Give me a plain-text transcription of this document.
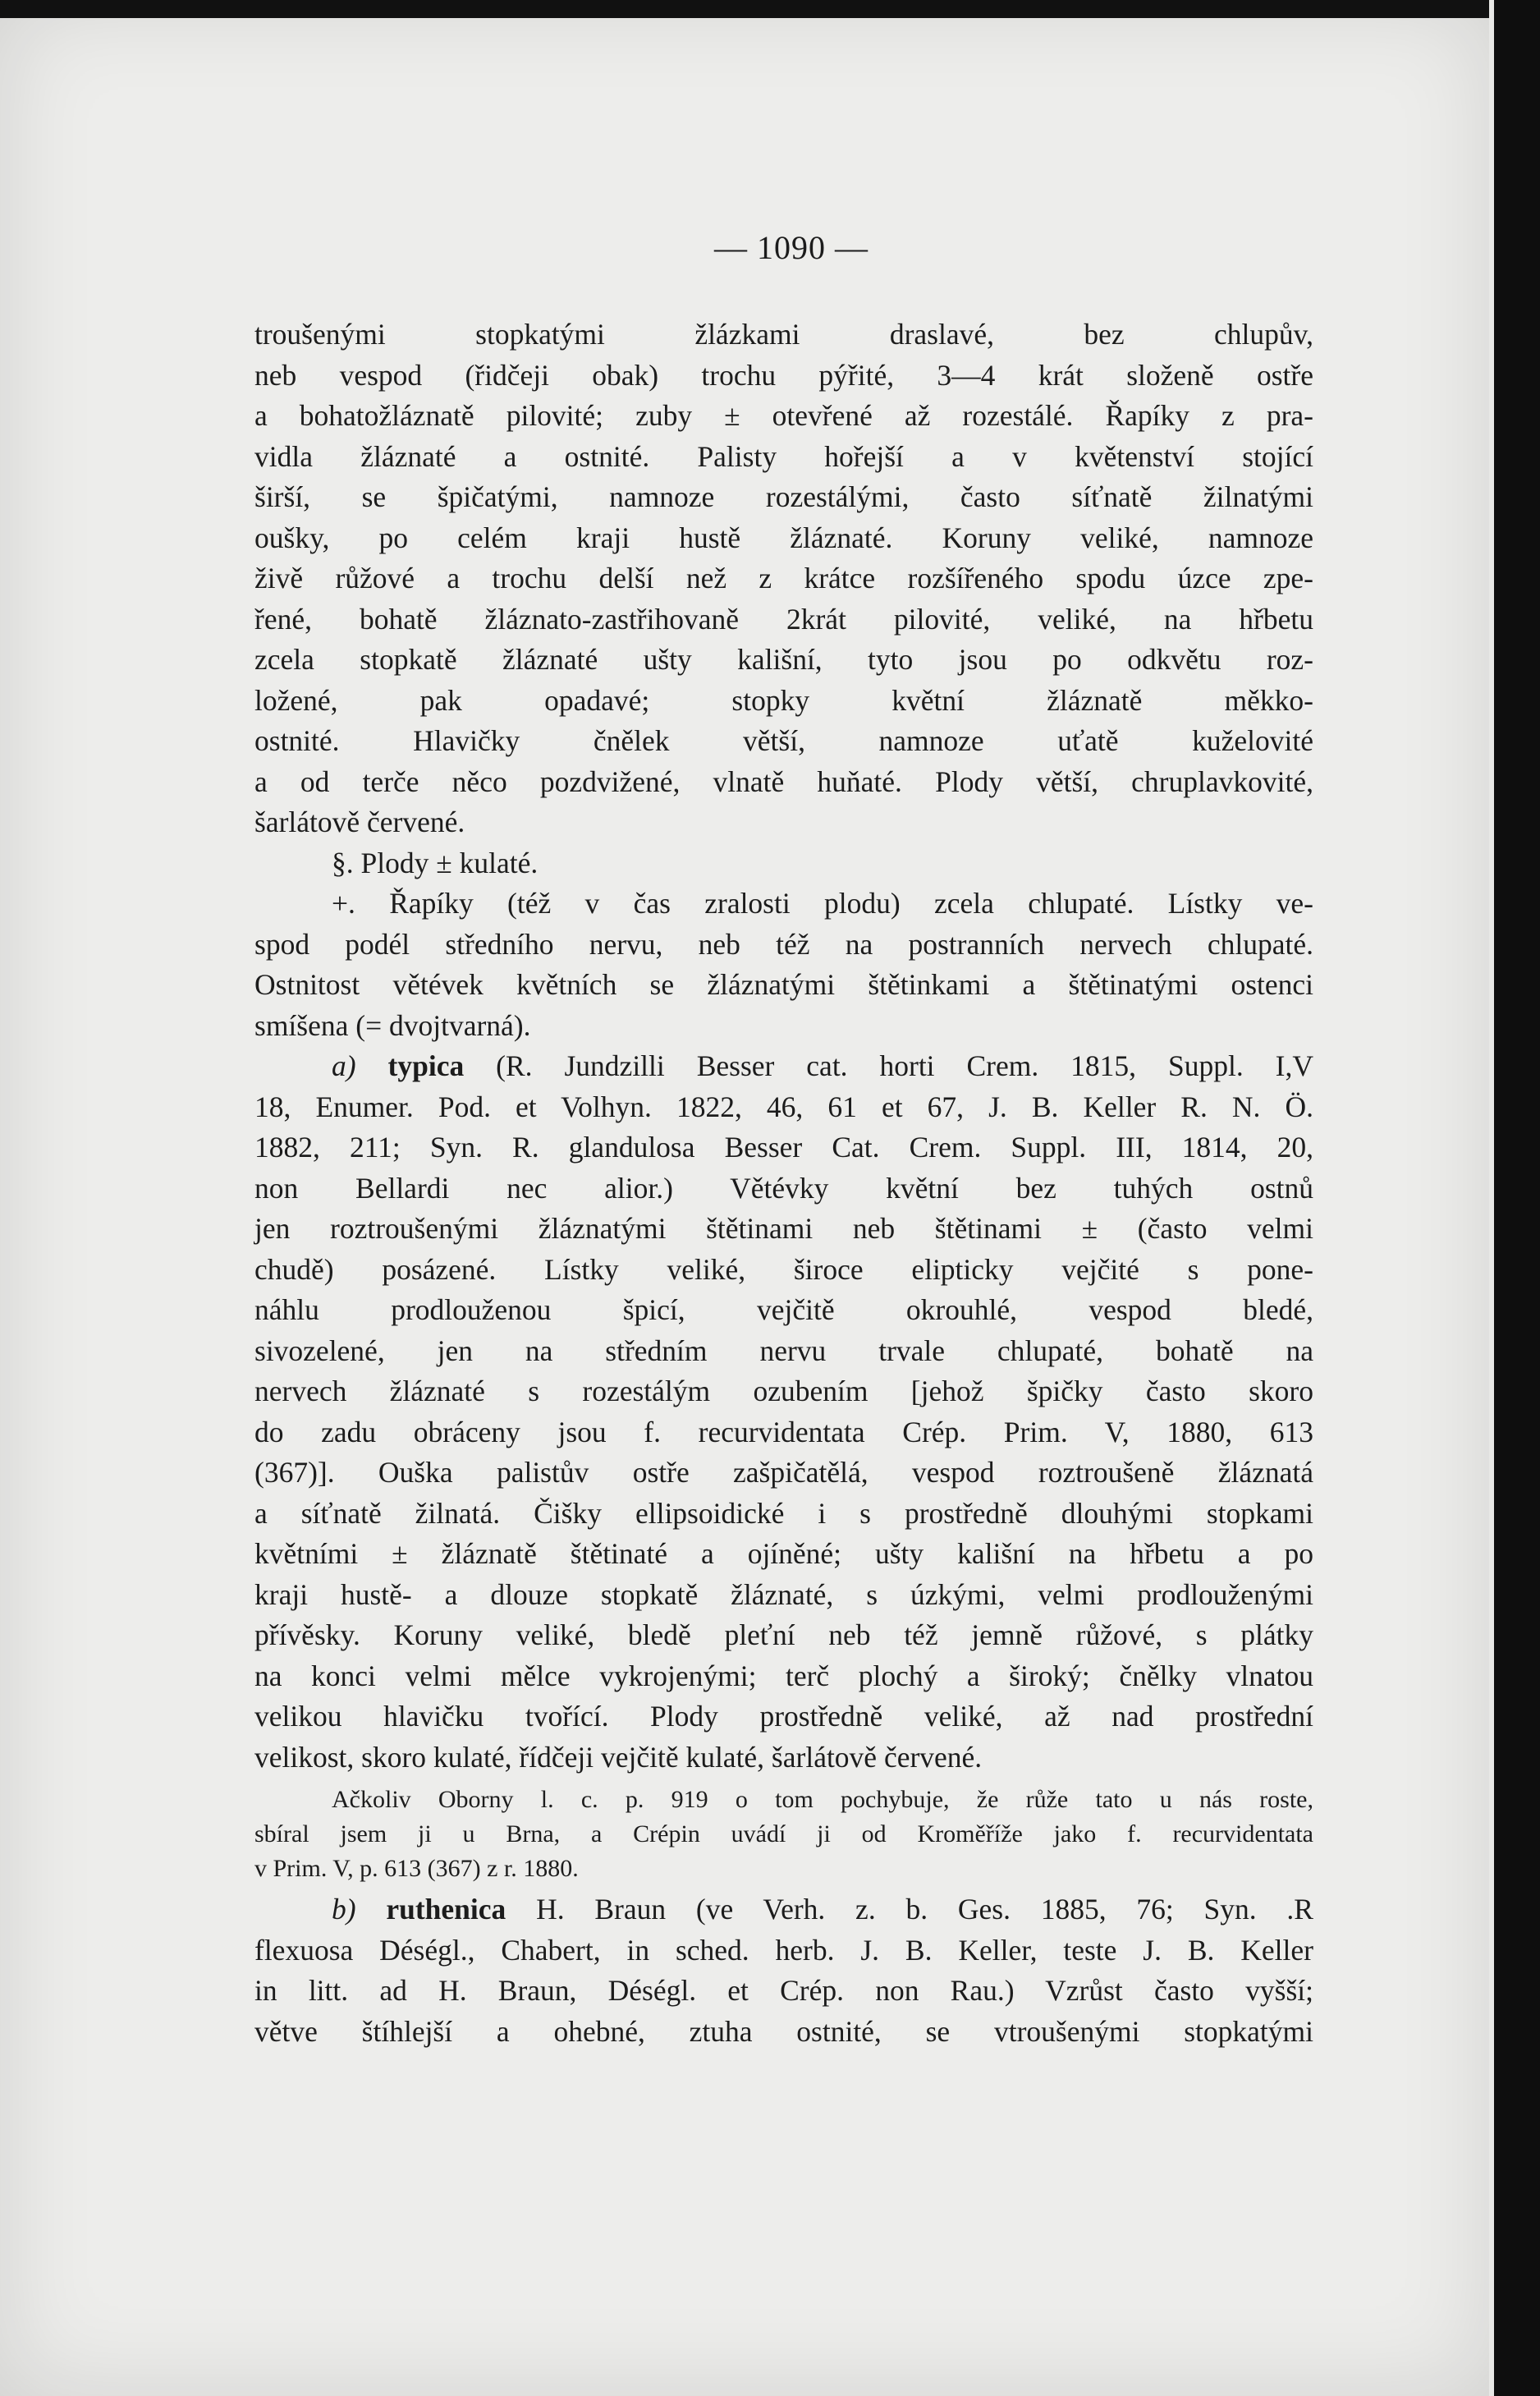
— 1090 —

troušenými stopkatými žlázkami draslavé, bez chlupův,

neb vespod (řidčeji obak) trochu pýřité, 3—4 krát složeně ostře

a bohatožláznatě pilovité; zuby ± otevřené až rozestálé. Řapíky z pra-

vidla žláznaté a ostnité. Palisty hořejší a v květenství stojící

širší, se špičatými, namnoze rozestálými, často síťnatě žilnatými

oušky, po celém kraji hustě žláznaté. Koruny veliké, namnoze

živě růžové a trochu delší než z krátce rozšířeného spodu úzce zpe-

řené, bohatě žláznato-zastřihovaně 2krát pilovité, veliké, na hřbetu

zcela stopkatě žláznaté ušty kališní, tyto jsou po odkvětu roz-

ložené, pak opadavé; stopky květní žláznatě měkko-

ostnité. Hlavičky čnělek větší, namnoze uťatě kuželovité

a od terče něco pozdvižené, vlnatě huňaté. Plody větší, chruplavkovité,

šarlátově červené.

§. Plody ± kulaté.

+. Řapíky (též v čas zralosti plodu) zcela chlupaté. Lístky ve-

spod podél středního nervu, neb též na postranních nervech chlupaté.

Ostnitost větévek květních se žláznatými štětinkami a štětinatými ostenci

smíšena (= dvojtvarná).

a) typica (R. Jundzilli Besser cat. horti Crem. 1815, Suppl. I,V

18, Enumer. Pod. et Volhyn. 1822, 46, 61 et 67, J. B. Keller R. N. Ö.

1882, 211; Syn. R. glandulosa Besser Cat. Crem. Suppl. III, 1814, 20,

non Bellardi nec alior.) Větévky květní bez tuhých ostnů

jen roztroušenými žláznatými štětinami neb štětinami ± (často velmi

chudě) posázené. Lístky veliké, široce elipticky vejčité s pone-

náhlu prodlouženou špicí, vejčitě okrouhlé, vespod bledé,

sivozelené, jen na středním nervu trvale chlupaté, bohatě na

nervech žláznaté s rozestálým ozubením [jehož špičky často skoro

do zadu obráceny jsou f. recurvidentata Crép. Prim. V, 1880, 613

(367)]. Ouška palistův ostře zašpičatělá, vespod roztroušeně žláznatá

a síťnatě žilnatá. Čišky ellipsoidické i s prostředně dlouhými stopkami

květními ± žláznatě štětinaté a ojíněné; ušty kališní na hřbetu a po

kraji hustě- a dlouze stopkatě žláznaté, s úzkými, velmi prodlouženými

přívěsky. Koruny veliké, bledě pleťní neb též jemně růžové, s plátky

na konci velmi mělce vykrojenými; terč plochý a široký; čnělky vlnatou

velikou hlavičku tvořící. Plody prostředně veliké, až nad prostřední

velikost, skoro kulaté, řídčeji vejčitě kulaté, šarlátově červené.

Ačkoliv Oborny l. c. p. 919 o tom pochybuje, že růže tato u nás roste,

sbíral jsem ji u Brna, a Crépin uvádí ji od Kroměříže jako f. recurvidentata

v Prim. V, p. 613 (367) z r. 1880.

b) ruthenica H. Braun (ve Verh. z. b. Ges. 1885, 76; Syn. .R

flexuosa Déségl., Chabert, in sched. herb. J. B. Keller, teste J. B. Keller

in litt. ad H. Braun, Déségl. et Crép. non Rau.) Vzrůst často vyšší;

větve štíhlejší a ohebné, ztuha ostnité, se vtroušenými stopkatými
